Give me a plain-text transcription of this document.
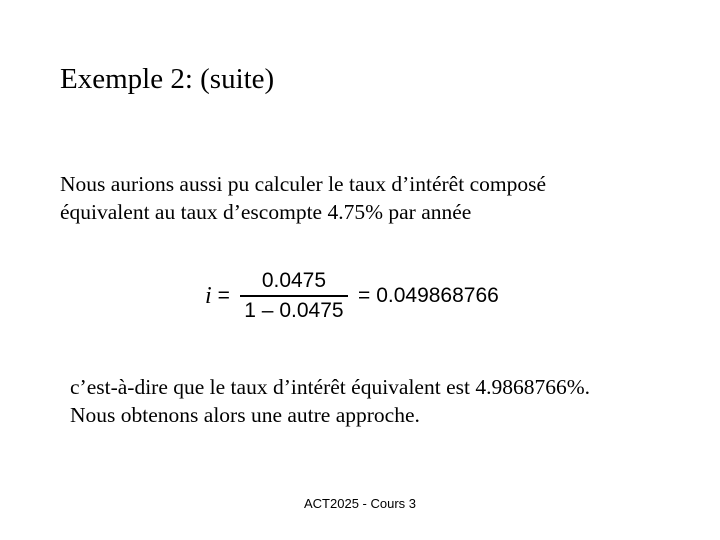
Exemple 2: (suite)
Nous aurions aussi pu calculer le taux d’intérêt composé
équivalent au taux d’escompte 4.75% par année
$i = \frac{0.0475}{1 - 0.0475} = 0.049868766$
c’est-à-dire que le taux d’intérêt équivalent est 4.9868766%.
Nous obtenons alors une autre approche.
ACT2025 - Cours 3
